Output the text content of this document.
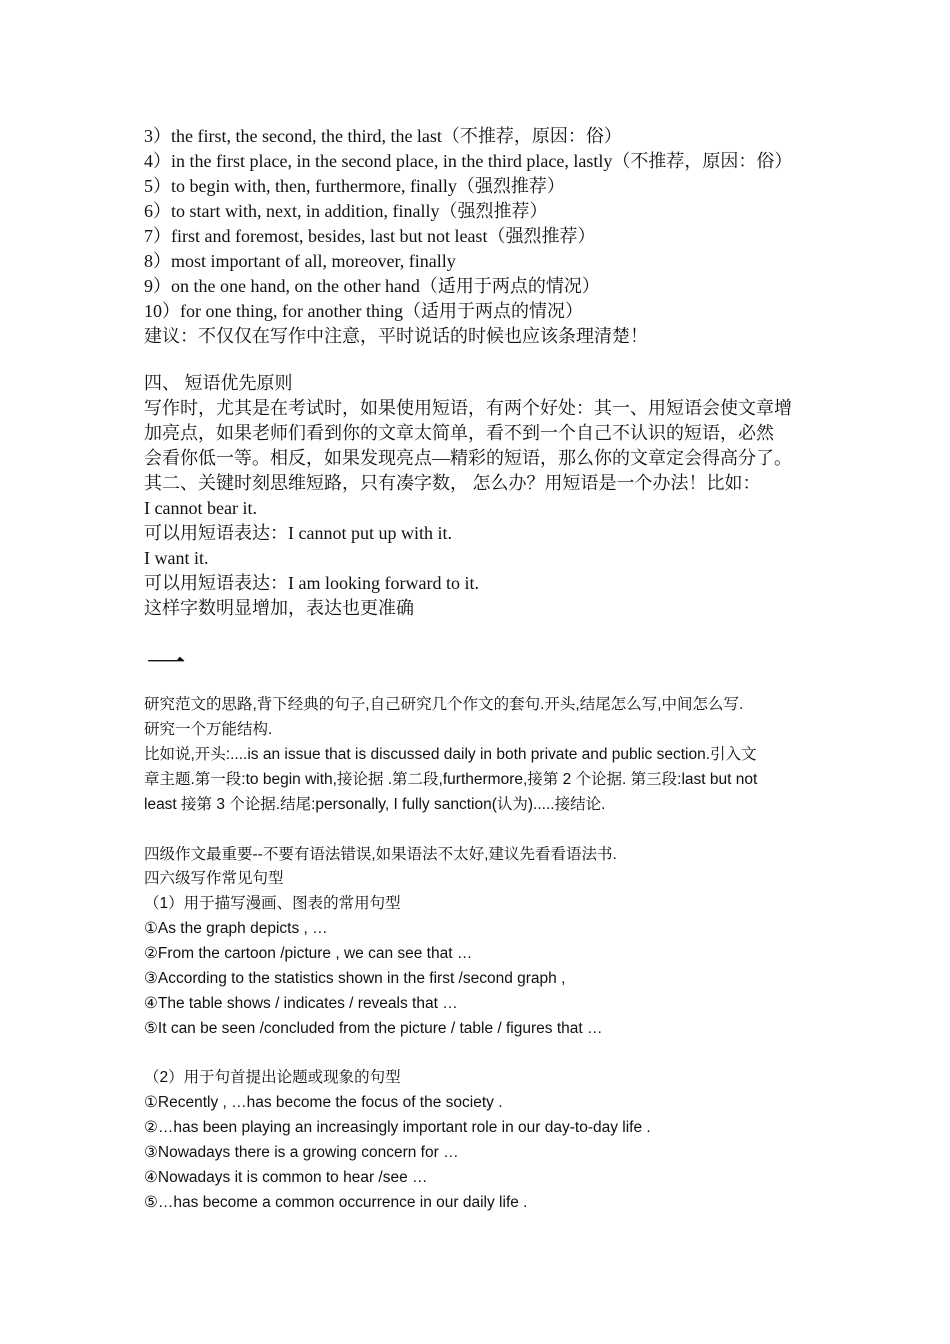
3）the first, the second, the third, the last（不推荐，原因：俗）
4）in the first place, in the second place, in the third place, lastly（不推荐，原因：俗）
5）to begin with, then, furthermore, finally（强烈推荐）
6）to start with, next, in addition, finally（强烈推荐）
7）first and foremost, besides, last but not least（强烈推荐）
8）most important of all, moreover, finally
9）on the one hand, on the other hand（适用于两点的情况）
10）for one thing, for another thing（适用于两点的情况）
建议：不仅仅在写作中注意，平时说话的时候也应该条理清楚！
四、 短语优先原则
写作时，尤其是在考试时，如果使用短语，有两个好处：其一、用短语会使文章增
加亮点，如果老师们看到你的文章太简单，看不到一个自己不认识的短语，必然
会看你低一等。相反，如果发现亮点—精彩的短语，那么你的文章定会得高分了。
其二、关键时刻思维短路，只有凑字数， 怎么办？用短语是一个办法！比如：
I cannot bear it.
可以用短语表达：I cannot put up with it.
I want it.
可以用短语表达：I am looking forward to it.
这样字数明显增加，表达也更准确
一
研究范文的思路,背下经典的句子,自己研究几个作文的套句.开头,结尾怎么写,中间怎么写.
研究一个万能结构.
比如说,开头:....is an issue that is discussed daily in both private and public section.引入文
章主题.第一段:to begin with,接论据 .第二段,furthermore,接第 2 个论据. 第三段:last but not
least 接第 3 个论据.结尾:personally, I fully sanction(认为).....接结论.
四级作文最重要--不要有语法错误,如果语法不太好,建议先看看语法书.
四六级写作常见句型
（1）用于描写漫画、图表的常用句型
①As the graph depicts , …
②From the cartoon /picture , we can see that …
③According to the statistics shown in the first /second graph ,
④The table shows / indicates / reveals that …
⑤It can be seen /concluded from the picture / table / figures that …
（2）用于句首提出论题或现象的句型
①Recently , …has become the focus of the society .
②…has been playing an increasingly important role in our day-to-day life .
③Nowadays there is a growing concern for …
④Nowadays it is common to hear /see …
⑤…has become a common occurrence in our daily life .
